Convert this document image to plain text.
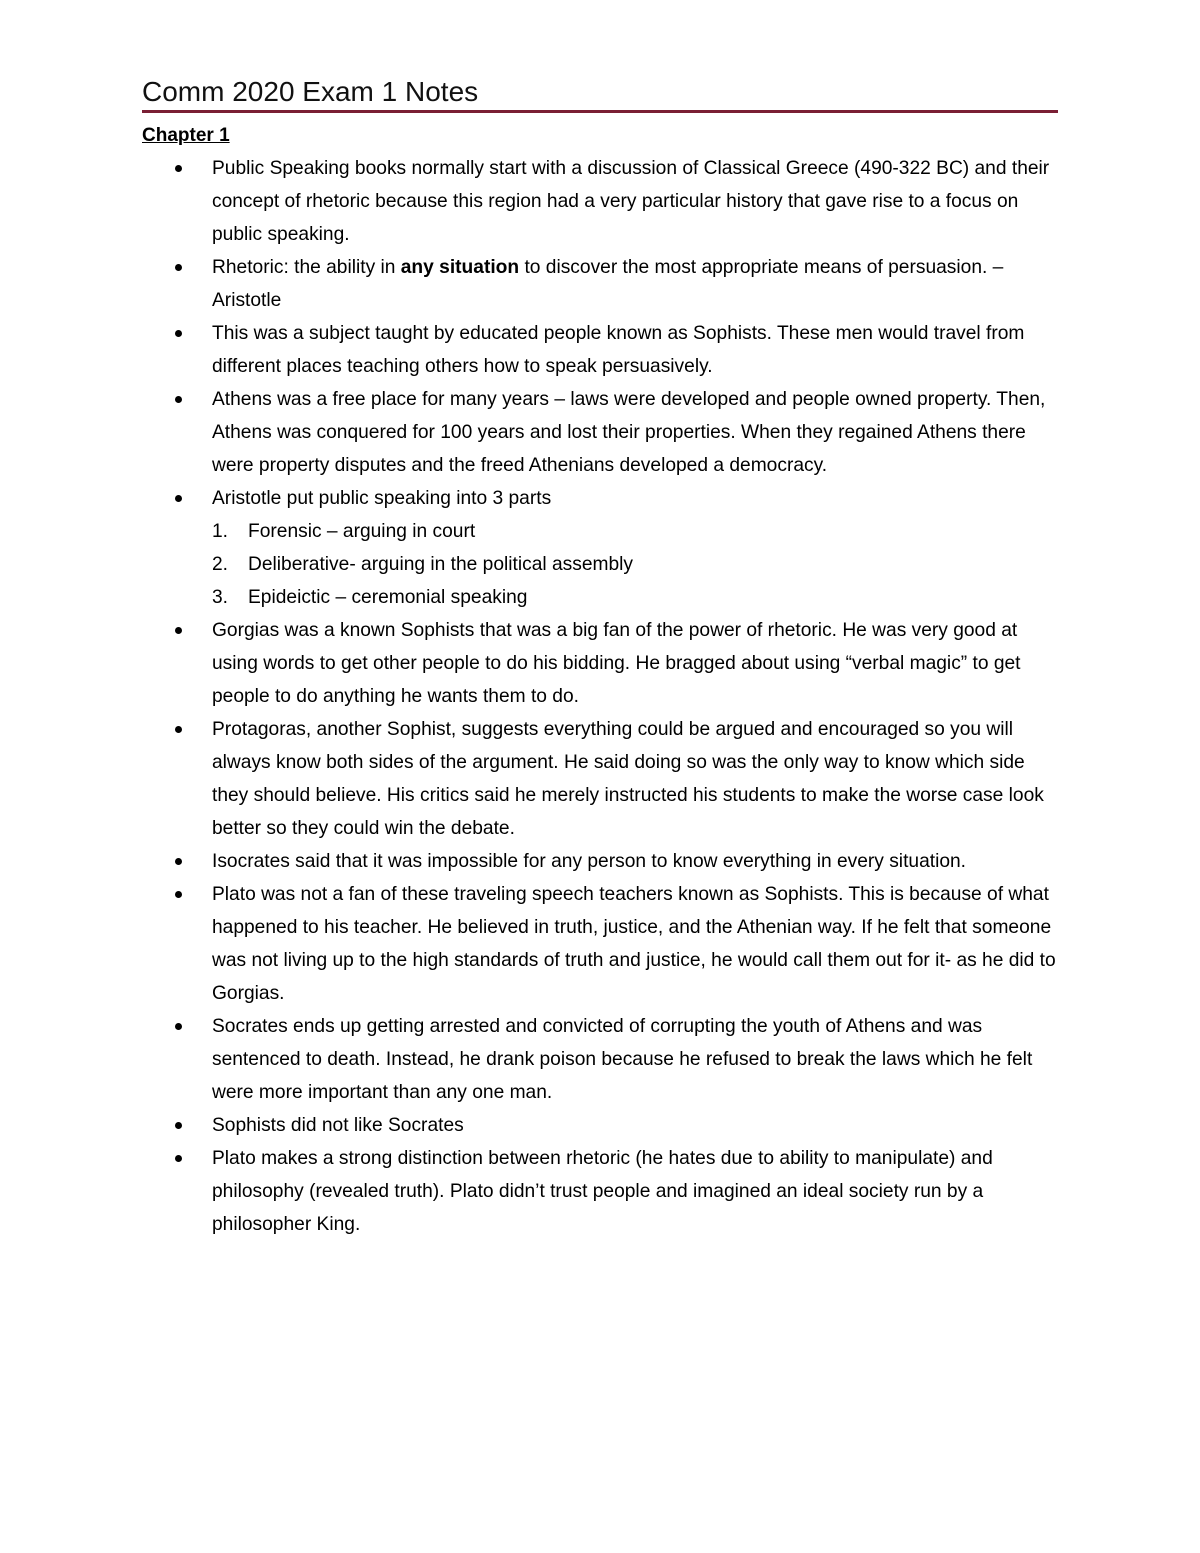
Comm 2020 Exam 1 Notes
Chapter 1
Public Speaking books normally start with a discussion of Classical Greece (490-322 BC) and their concept of rhetoric because this region had a very particular history that gave rise to a focus on public speaking.
Rhetoric: the ability in any situation to discover the most appropriate means of persuasion. – Aristotle
This was a subject taught by educated people known as Sophists. These men would travel from different places teaching others how to speak persuasively.
Athens was a free place for many years – laws were developed and people owned property. Then, Athens was conquered for 100 years and lost their properties. When they regained Athens there were property disputes and the freed Athenians developed a democracy.
Aristotle put public speaking into 3 parts
1. Forensic – arguing in court
2. Deliberative- arguing in the political assembly
3. Epideictic – ceremonial speaking
Gorgias was a known Sophists that was a big fan of the power of rhetoric. He was very good at using words to get other people to do his bidding. He bragged about using “verbal magic” to get people to do anything he wants them to do.
Protagoras, another Sophist, suggests everything could be argued and encouraged so you will always know both sides of the argument. He said doing so was the only way to know which side they should believe. His critics said he merely instructed his students to make the worse case look better so they could win the debate.
Isocrates said that it was impossible for any person to know everything in every situation.
Plato was not a fan of these traveling speech teachers known as Sophists. This is because of what happened to his teacher. He believed in truth, justice, and the Athenian way. If he felt that someone was not living up to the high standards of truth and justice, he would call them out for it- as he did to Gorgias.
Socrates ends up getting arrested and convicted of corrupting the youth of Athens and was sentenced to death. Instead, he drank poison because he refused to break the laws which he felt were more important than any one man.
Sophists did not like Socrates
Plato makes a strong distinction between rhetoric (he hates due to ability to manipulate) and philosophy (revealed truth). Plato didn’t trust people and imagined an ideal society run by a philosopher King.
